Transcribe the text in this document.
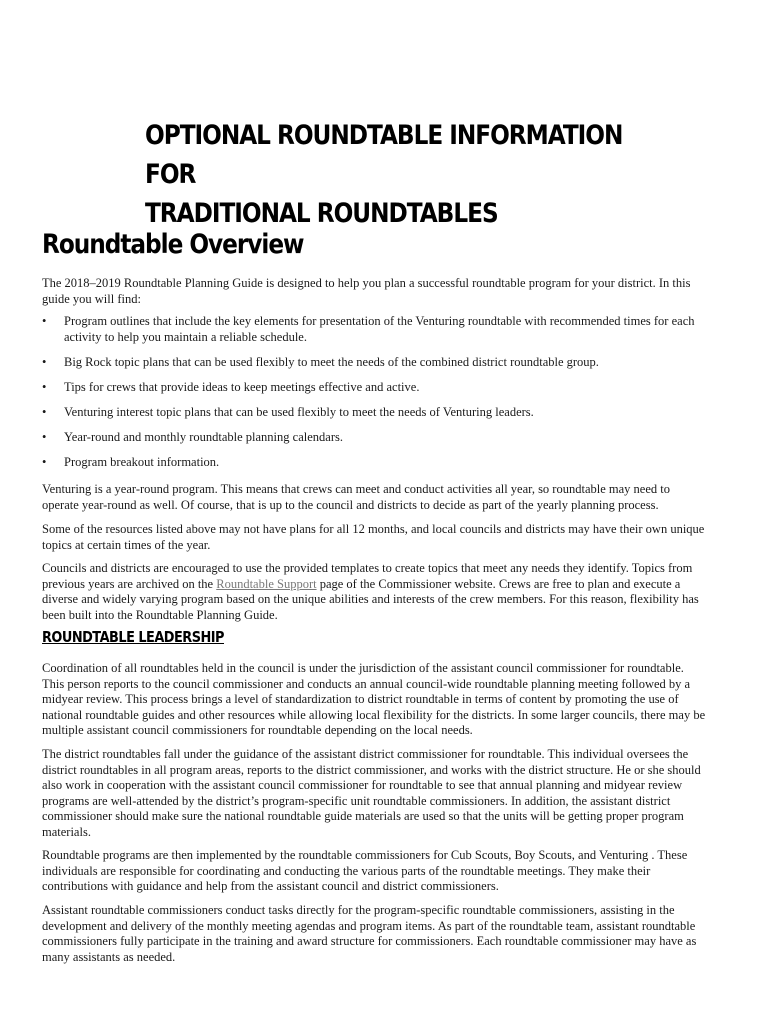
OPTIONAL ROUNDTABLE INFORMATION FOR
TRADITIONAL ROUNDTABLES
Roundtable Overview

The 2018–2019 Roundtable Planning Guide is designed to help you plan a successful roundtable program for your district. In this guide you will find:

• Program outlines that include the key elements for presentation of the Venturing roundtable with recommended times for each activity to help you maintain a reliable schedule.
• Big Rock topic plans that can be used flexibly to meet the needs of the combined district roundtable group.
• Tips for crews that provide ideas to keep meetings effective and active.
• Venturing interest topic plans that can be used flexibly to meet the needs of Venturing leaders.
• Year-round and monthly roundtable planning calendars.
• Program breakout information.

Venturing is a year-round program. This means that crews can meet and conduct activities all year, so roundtable may need to operate year-round as well. Of course, that is up to the council and districts to decide as part of the yearly planning process.

Some of the resources listed above may not have plans for all 12 months, and local councils and districts may have their own unique topics at certain times of the year.

Councils and districts are encouraged to use the provided templates to create topics that meet any needs they identify. Topics from previous years are archived on the Roundtable Support page of the Commissioner website. Crews are free to plan and execute a diverse and widely varying program based on the unique abilities and interests of the crew members. For this reason, flexibility has been built into the Roundtable Planning Guide.

ROUNDTABLE LEADERSHIP

Coordination of all roundtables held in the council is under the jurisdiction of the assistant council commissioner for roundtable. This person reports to the council commissioner and conducts an annual council-wide roundtable planning meeting followed by a midyear review. This process brings a level of standardization to district roundtable in terms of content by promoting the use of national roundtable guides and other resources while allowing local flexibility for the districts. In some larger councils, there may be multiple assistant council commissioners for roundtable depending on the local needs.

The district roundtables fall under the guidance of the assistant district commissioner for roundtable. This individual oversees the district roundtables in all program areas, reports to the district commissioner, and works with the district structure. He or she should also work in cooperation with the assistant council commissioner for roundtable to see that annual planning and midyear review programs are well-attended by the district’s program-specific unit roundtable commissioners. In addition, the assistant district commissioner should make sure the national roundtable guide materials are used so that the units will be getting proper program materials.

Roundtable programs are then implemented by the roundtable commissioners for Cub Scouts, Boy Scouts, and Venturing . These individuals are responsible for coordinating and conducting the various parts of the roundtable meetings. They make their contributions with guidance and help from the assistant council and district commissioners.

Assistant roundtable commissioners conduct tasks directly for the program-specific roundtable commissioners, assisting in the development and delivery of the monthly meeting agendas and program items. As part of the roundtable team, assistant roundtable commissioners fully participate in the training and award structure for commissioners. Each roundtable commissioner may have as many assistants as needed.
